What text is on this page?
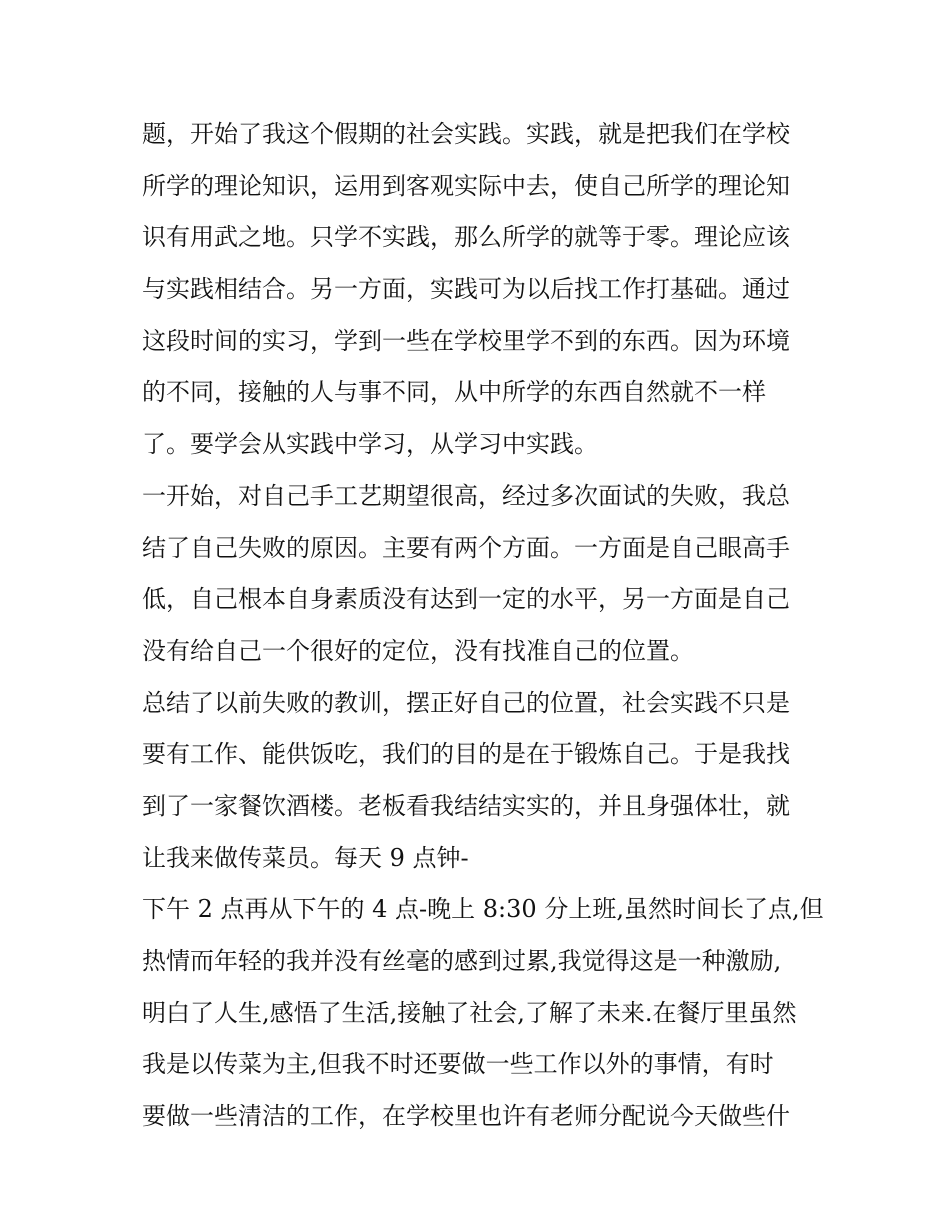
题，开始了我这个假期的社会实践。实践，就是把我们在学校
所学的理论知识，运用到客观实际中去，使自己所学的理论知
识有用武之地。只学不实践，那么所学的就等于零。理论应该
与实践相结合。另一方面，实践可为以后找工作打基础。通过
这段时间的实习，学到一些在学校里学不到的东西。因为环境
的不同，接触的人与事不同，从中所学的东西自然就不一样
了。要学会从实践中学习，从学习中实践。
一开始，对自己手工艺期望很高，经过多次面试的失败，我总
结了自己失败的原因。主要有两个方面。一方面是自己眼高手
低，自己根本自身素质没有达到一定的水平，另一方面是自己
没有给自己一个很好的定位，没有找准自己的位置。
总结了以前失败的教训，摆正好自己的位置，社会实践不只是
要有工作、能供饭吃，我们的目的是在于锻炼自己。于是我找
到了一家餐饮酒楼。老板看我结结实实的，并且身强体壮，就
让我来做传菜员。每天 9 点钟-
下午 2 点再从下午的 4 点-晚上 8:30 分上班,虽然时间长了点,但
热情而年轻的我并没有丝毫的感到过累,我觉得这是一种激励,
明白了人生,感悟了生活,接触了社会,了解了未来.在餐厅里虽然
我是以传菜为主,但我不时还要做一些工作以外的事情，有时
要做一些清洁的工作，在学校里也许有老师分配说今天做些什
